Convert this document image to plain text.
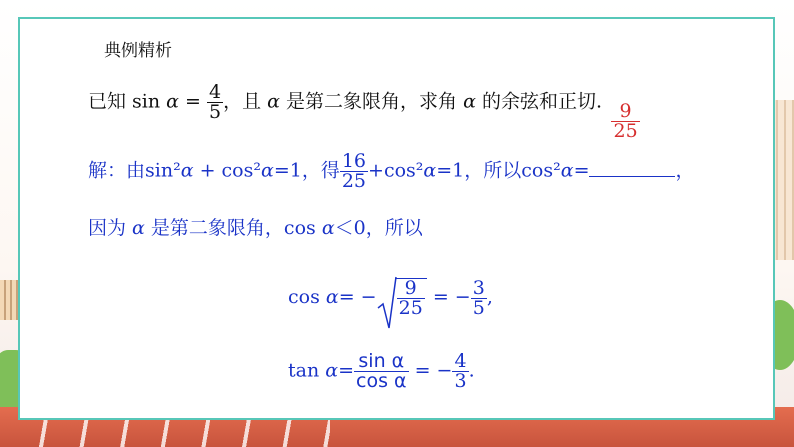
典例精析
已知 $\sin \alpha = \frac{4}{5}$ ，且 α 是第二象限角，求角 α 的余弦和正切.
解：由sin²α + cos²α=1，得 $\frac{16}{25} +\cos^2\alpha=1$，所以cos²α=
$\frac{9}{25}$
，
因为 α 是第二象限角，cos α＜0，所以
$\cos \alpha= - \frac{9}{25}$ = − $\frac{3}{5}$ ,
$\tan \alpha= \frac{\text{sin α}}{\text{cos α}}$ = − $\frac{4}{3}$ .
